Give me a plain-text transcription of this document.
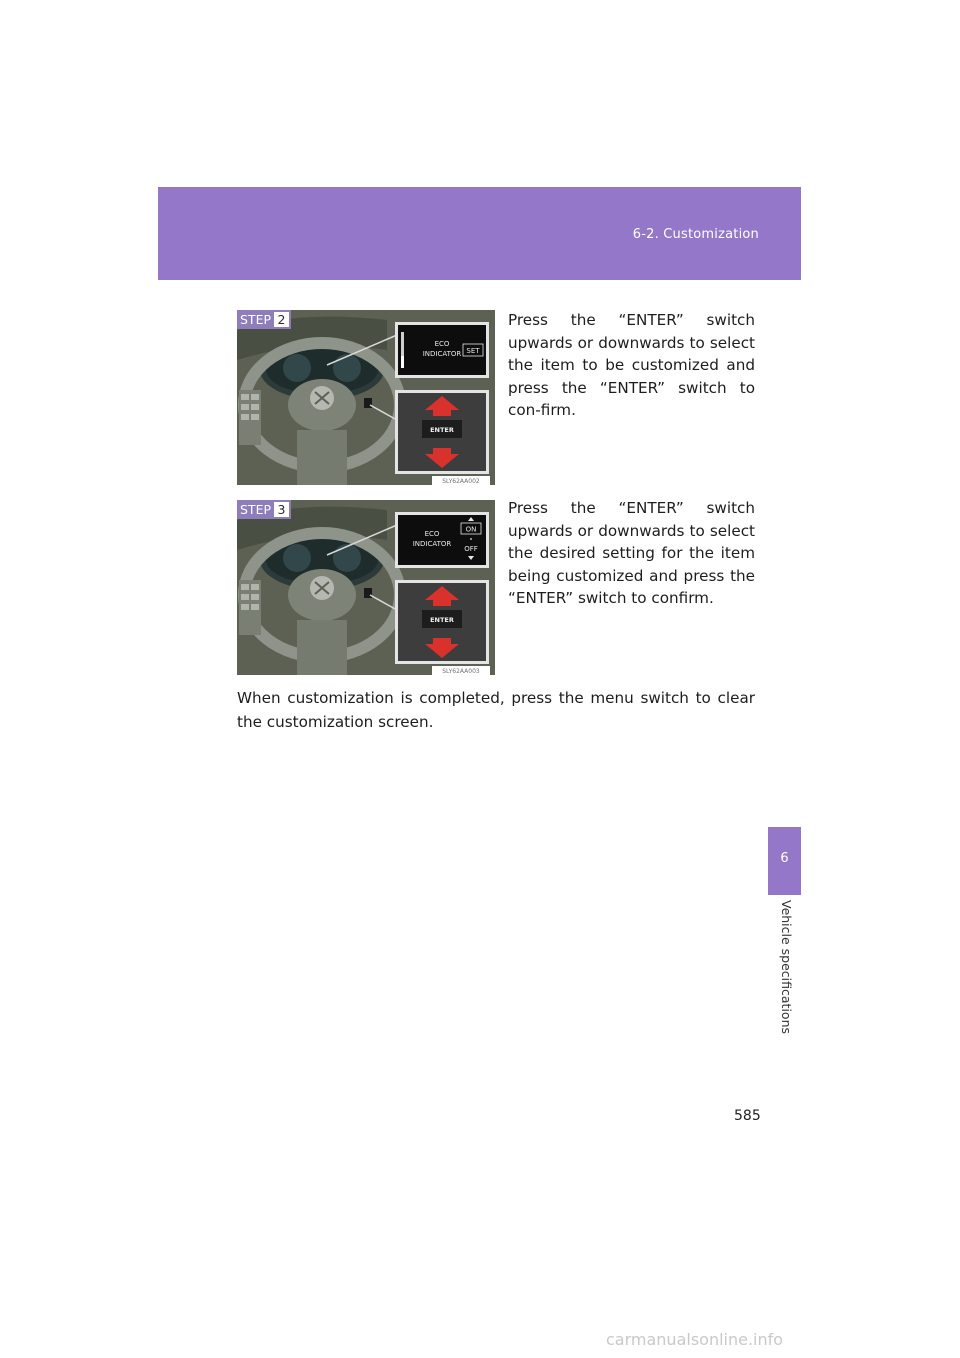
6-2. Customization
6
Vehicle specifications
ECO
INDICATOR SET
ENTER
SLY62AA002
STEP 2	Press the “ENTER” switch upwards or downwards to select the item to be customized and press the “ENTER” switch to con-firm.
ECO
INDICATOR
ON
OFF
ENTER
SLY62AA003
STEP 3	Press the “ENTER” switch upwards or downwards to select the desired setting for the item being customized and press the “ENTER” switch to confirm.
When customization is completed, press the menu switch to clear the customization screen.
585
carmanualsonline.info
